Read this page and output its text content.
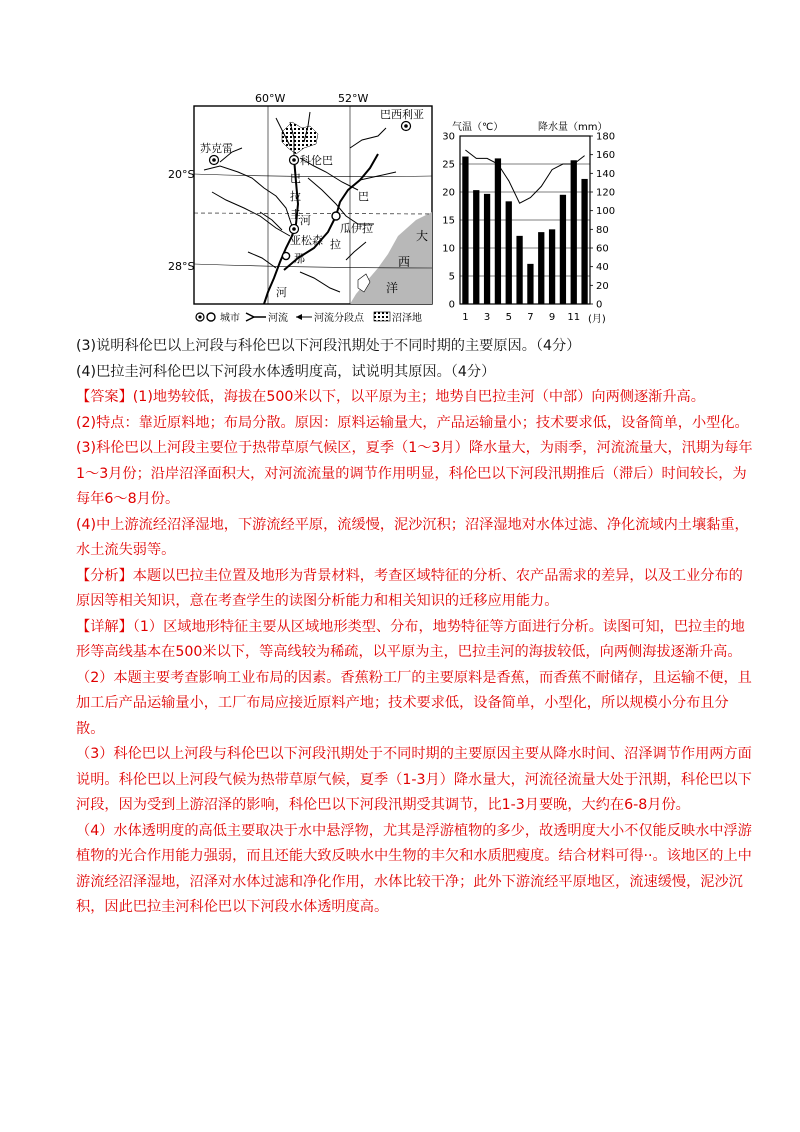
60°W	52°W
20°S
28°S
苏克雷
巴西利亚
科伦巴
亚松森
瓜伊拉
巴
拉
圭 河
巴
拉
那
河
大
西
洋
城市	河流	河流分段点	沼泽地
气温（℃）	降水量（mm）
0
5
10
15
20
25
30
0
20
40
60
80
100
120
140
160
180
1 3 5 7 9 11 (月)

(3)说明科伦巴以上河段与科伦巴以下河段汛期处于不同时期的主要原因。（4分）

(4)巴拉圭河科伦巴以下河段水体透明度高，试说明其原因。（4分）

【答案】(1)地势较低，海拔在500米以下，以平原为主；地势自巴拉圭河（中部）向两侧逐渐升高。

(2)特点：靠近原料地；布局分散。原因：原料运输量大，产品运输量小；技术要求低，设备简单，小型化。

(3)科伦巴以上河段主要位于热带草原气候区，夏季（1～3月）降水量大，为雨季，河流流量大，汛期为每年1～3月份；沿岸沼泽面积大，对河流流量的调节作用明显，科伦巴以下河段汛期推后（滞后）时间较长，为每年6～8月份。

(4)中上游流经沼泽湿地，下游流经平原，流缓慢，泥沙沉积；沼泽湿地对水体过滤、净化流域内土壤黏重，水土流失弱等。

【分析】本题以巴拉圭位置及地形为背景材料，考查区域特征的分析、农产品需求的差异，以及工业分布的原因等相关知识，意在考查学生的读图分析能力和相关知识的迁移应用能力。

【详解】（1）区域地形特征主要从区域地形类型、分布，地势特征等方面进行分析。读图可知，巴拉圭的地形等高线基本在500米以下，等高线较为稀疏，以平原为主，巴拉圭河的海拔较低，向两侧海拔逐渐升高。

（2）本题主要考查影响工业布局的因素。香蕉粉工厂的主要原料是香蕉，而香蕉不耐储存，且运输不便，且加工后产品运输量小，工厂布局应接近原料产地；技术要求低，设备简单，小型化，所以规模小分布且分散。

（3）科伦巴以上河段与科伦巴以下河段汛期处于不同时期的主要原因主要从降水时间、沼泽调节作用两方面说明。科伦巴以上河段气候为热带草原气候，夏季（1-3月）降水量大，河流径流量大处于汛期，科伦巴以下河段，因为受到上游沼泽的影响，科伦巴以下河段汛期受其调节，比1-3月要晚，大约在6-8月份。

（4）水体透明度的高低主要取决于水中悬浮物，尤其是浮游植物的多少，故透明度大小不仅能反映水中浮游植物的光合作用能力强弱，而且还能大致反映水中生物的丰欠和水质肥瘦度。结合材料可得··。该地区的上中游流经沼泽湿地，沼泽对水体过滤和净化作用，水体比较干净；此外下游流经平原地区，流速缓慢，泥沙沉积，因此巴拉圭河科伦巴以下河段水体透明度高。
